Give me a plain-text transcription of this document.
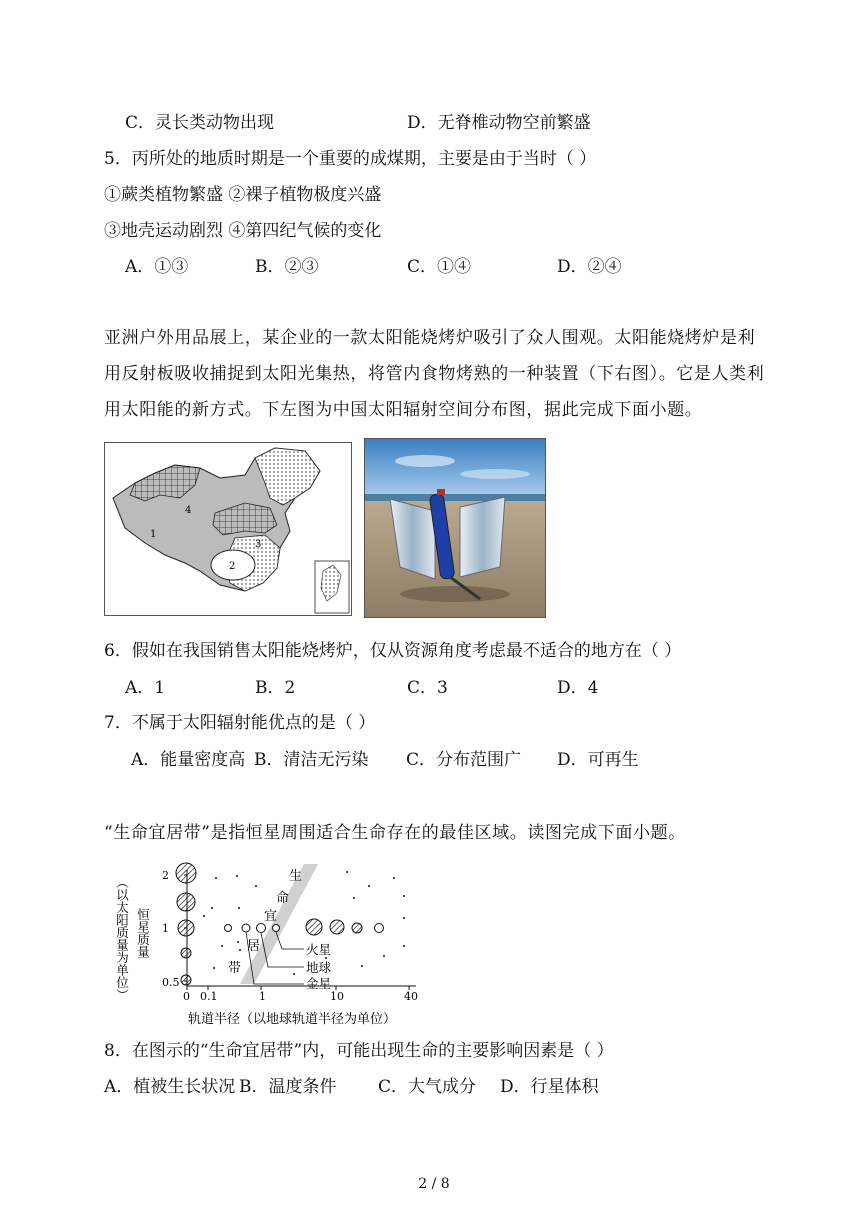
C．灵长类动物出现	D．无脊椎动物空前繁盛
5．丙所处的地质时期是一个重要的成煤期，主要是由于当时（ ）
①蕨类植物繁盛 ②裸子植物极度兴盛
③地壳运动剧烈 ④第四纪气候的变化
A．①③	B．②③	C．①④	D．②④
亚洲户外用品展上，某企业的一款太阳能烧烤炉吸引了众人围观。太阳能烧烤炉是利用反射板吸收捕捉到太阳光集热，将管内食物烤熟的一种装置（下右图）。它是人类利用太阳能的新方式。下左图为中国太阳辐射空间分布图，据此完成下面小题。
1
2
3
4
6．假如在我国销售太阳能烧烤炉，仅从资源角度考虑最不适合的地方在（ ）
A．1	B．2	C．3	D．4
7．不属于太阳辐射能优点的是（ ）
A．能量密度高 B．清洁无污染 C．分布范围广 D．可再生
“生命宜居带”是指恒星周围适合生命存在的最佳区域。读图完成下面小题。
（以太阳质量为单位） 恒星质量
2
1
0.5
0 0.1	1	10	40
轨道半径（以地球轨道半径为单位）
生
命
宜
居
带
火星
地球
金星
8．在图示的“生命宜居带”内，可能出现生命的主要影响因素是（ ）
A．植被生长状况 B．温度条件 C．大气成分 D．行星体积
2 / 8
